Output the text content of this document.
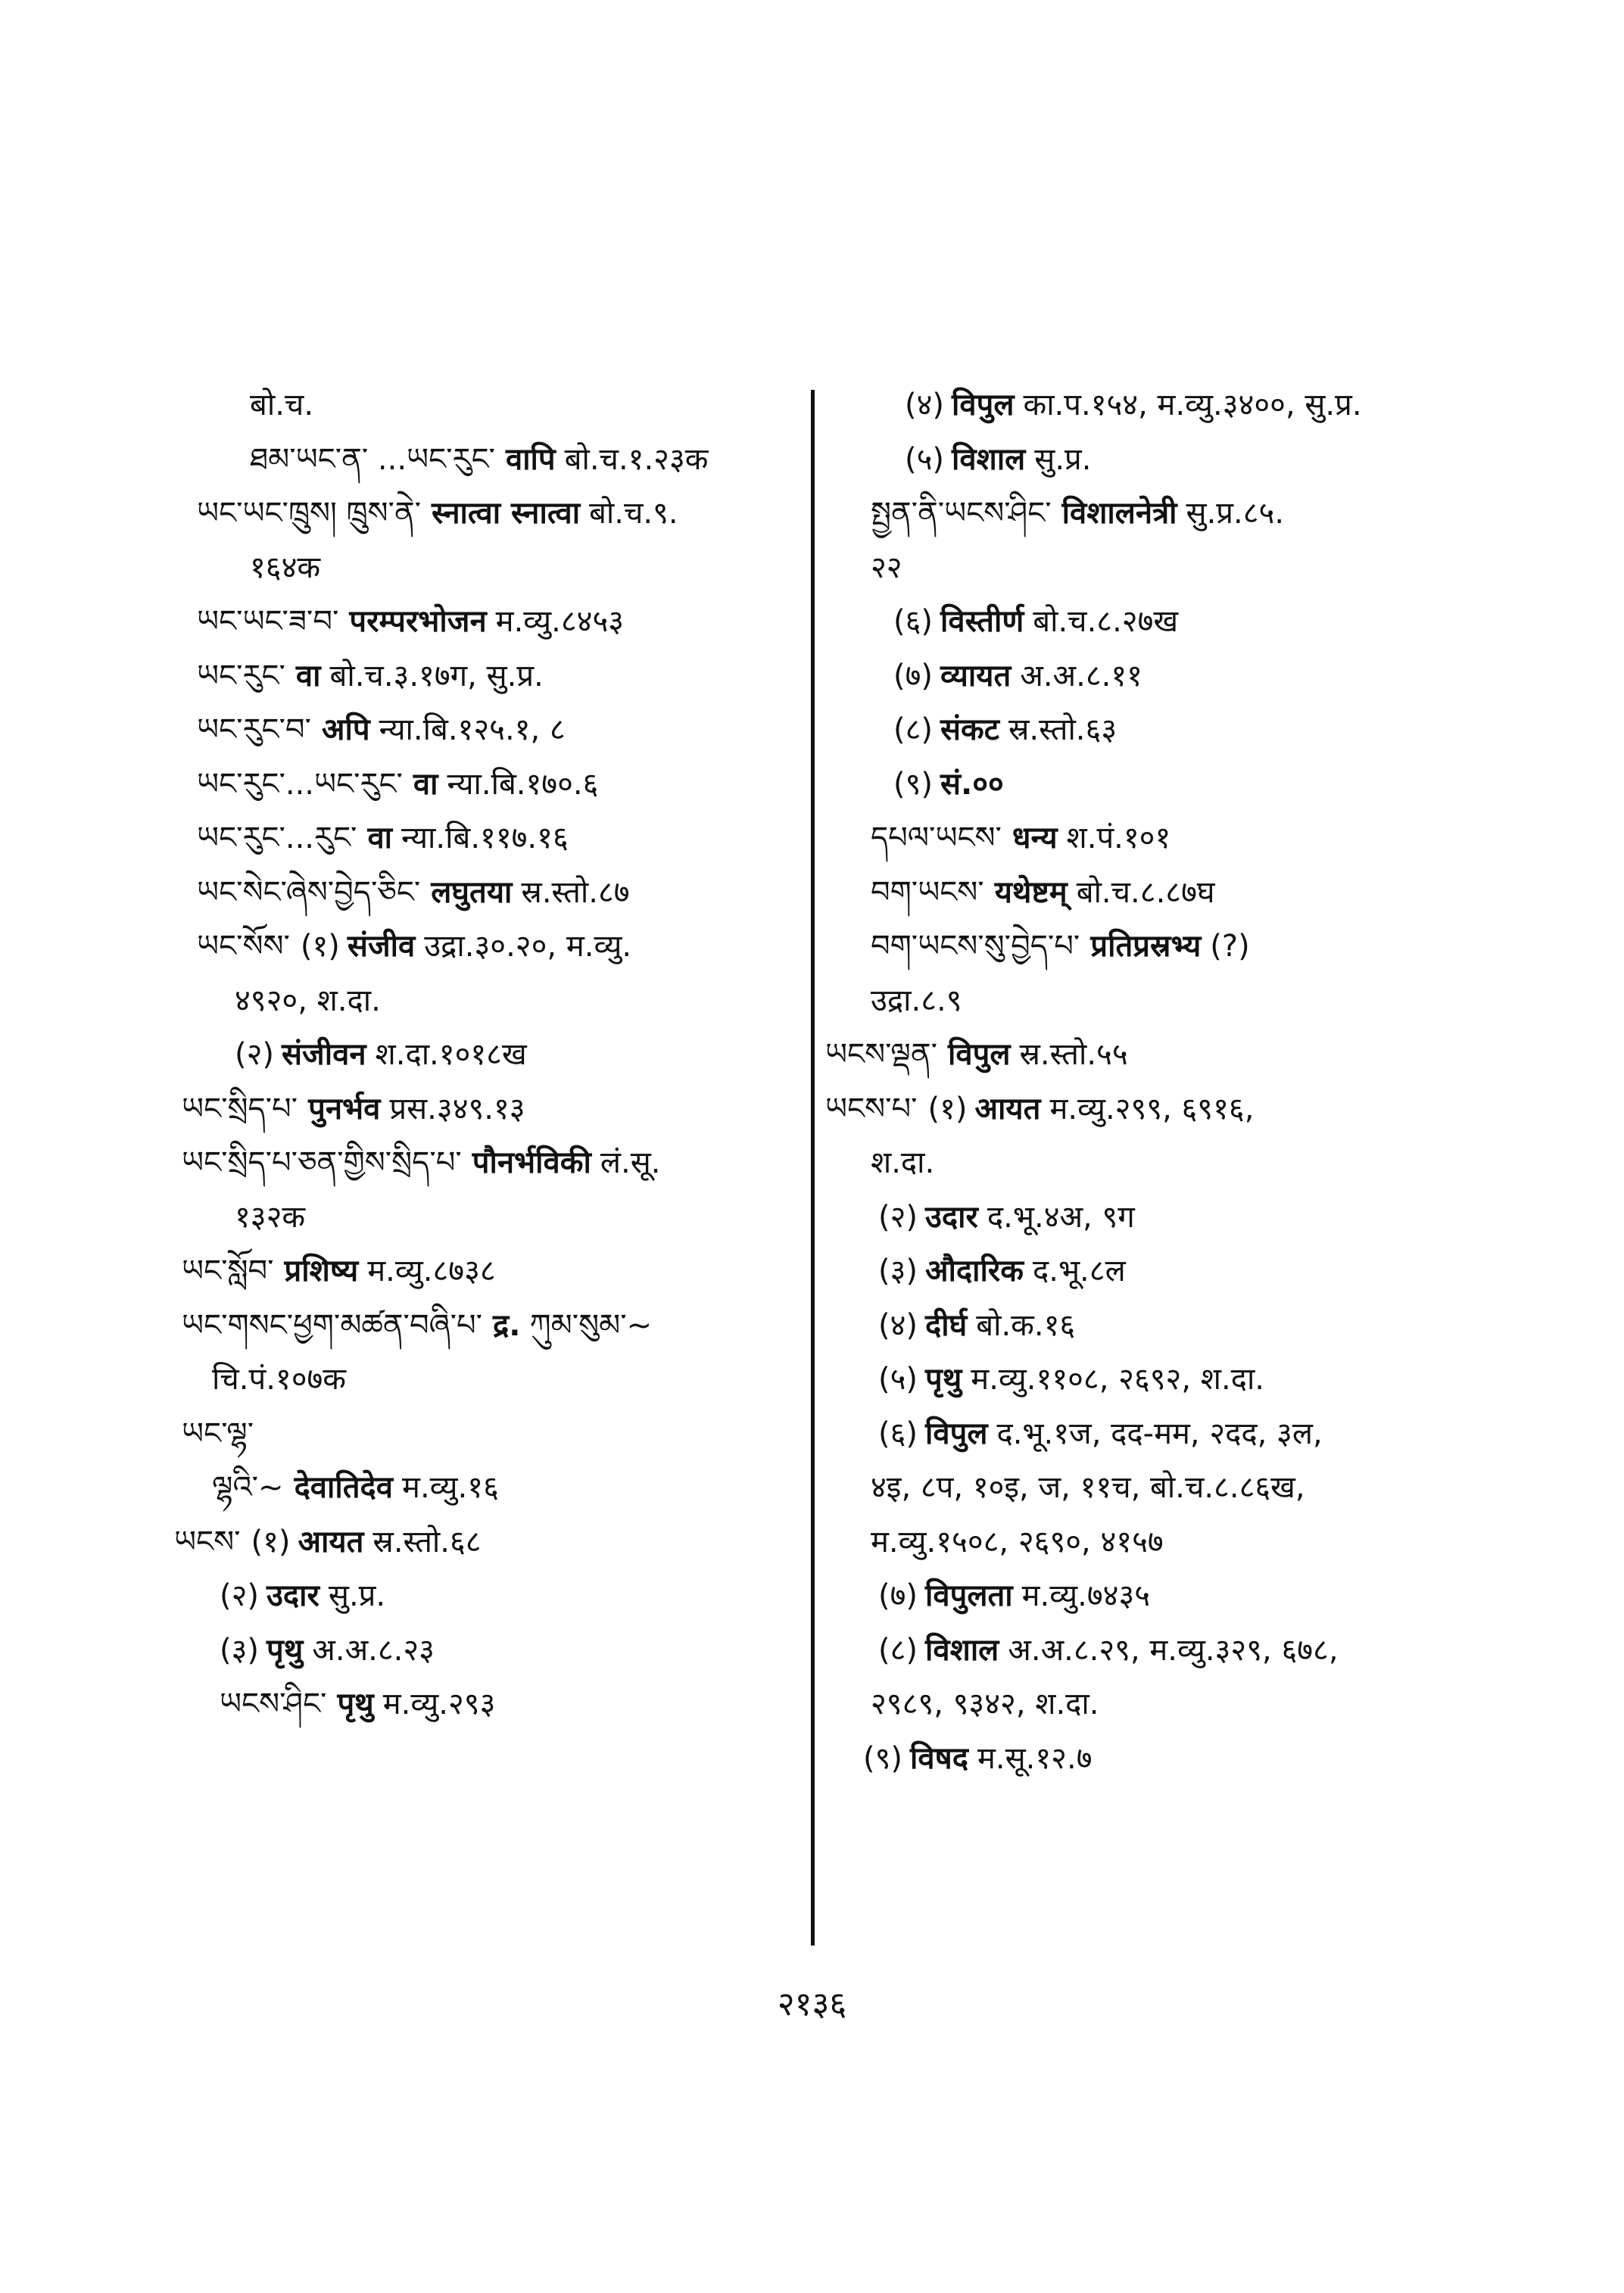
बो.च.
ཐམ་ཡང་ན་ ...ཡང་རུང་ वापि बो.च.१.२३क
ཡང་ཡང་ཁྲུས། ཁྲུས་ནེ་ स्नात्वा स्नात्वा बो.च.९.
१६४क
ཡང་ཡང་ཟ་བ་ परम्परभोजन म.व्यु.८४५३
ཡང་རུང་ वा बो.च.३.१७ग, सु.प्र.
ཡང་རུང་བ་ अपि न्या.बि.१२५.१, ८
ཡང་རུང་...ཡང་རུང་ वा न्या.बि.१७०.६
ཡང་རུང་...རུང་ वा न्या.बि.११७.१६
ཡང་སེང་ཞེས་བྱེད་ཅིང་ लघुतया स्र.स्तो.८७
ཡང་སོས་ (१) संजीव उद्रा.३०.२०, म.व्यु.
४९२०, श.दा.
(२) संजीवन श.दा.१०१८ख
ཡང་སྲིད་པ་ पुनर्भव प्रस.३४९.१३
ཡང་སྲིད་པ་ཅན་གྱིས་སྲིད་པ་ पौनर्भविकी लं.सू.
१३२क
ཡང་སློབ་ प्रशिष्य म.व्यु.८७३८
ཡང་གསང་ཕྱག་མཚན་བཞི་པ་ द्र. ཀུམ་སུམ་~
चि.पं.१०७क
ཡང་ལྷ་
ལྷའི་~ देवातिदेव म.व्यु.१६
ཡངས་ (१) आयत स्र.स्तो.६८
(२) उदार सु.प्र.
(३) पृथु अ.अ.८.२३
ཡངས་ཤིང་ पृथु म.व्यु.२९३
(४) विपुल का.प.१५४, म.व्यु.३४००, सु.प्र.
(५) विशाल सु.प्र.
སྤྱན་ནི་ཡངས་ཤིང་ विशालनेत्री सु.प्र.८५.
२२
(६) विस्तीर्ण बो.च.८.२७ख
(७) व्यायत अ.अ.८.११
(८) संकट स्र.स्तो.६३
(९) सं.००
དཔལ་ཡངས་ धन्य श.पं.१०१
བག་ཡངས་ यथेष्टम् बो.च.८.८७घ
བག་ཡངས་སུ་བྱེད་པ་ प्रतिप्रस्रभ्य (?)
उद्रा.८.९
ཡངས་ལྡན་ विपुल स्र.स्तो.५५
ཡངས་པ་ (१) आयत म.व्यु.२९९, ६९१६,
श.दा.
(२) उदार द.भू.४अ, ९ग
(३) औदारिक द.भू.८ल
(४) दीर्घ बो.क.१६
(५) पृथु म.व्यु.११०८, २६९२, श.दा.
(६) विपुल द.भू.१ज, दद-मम, २दद, ३ल,
४इ, ८प, १०इ, ज, ११च, बो.च.८.८६ख,
म.व्यु.१५०८, २६९०, ४१५७
(७) विपुलता म.व्यु.७४३५
(८) विशाल अ.अ.८.२९, म.व्यु.३२९, ६७८,
२९८९, ९३४२, श.दा.
(९) विषद म.सू.१२.७
२१३६
